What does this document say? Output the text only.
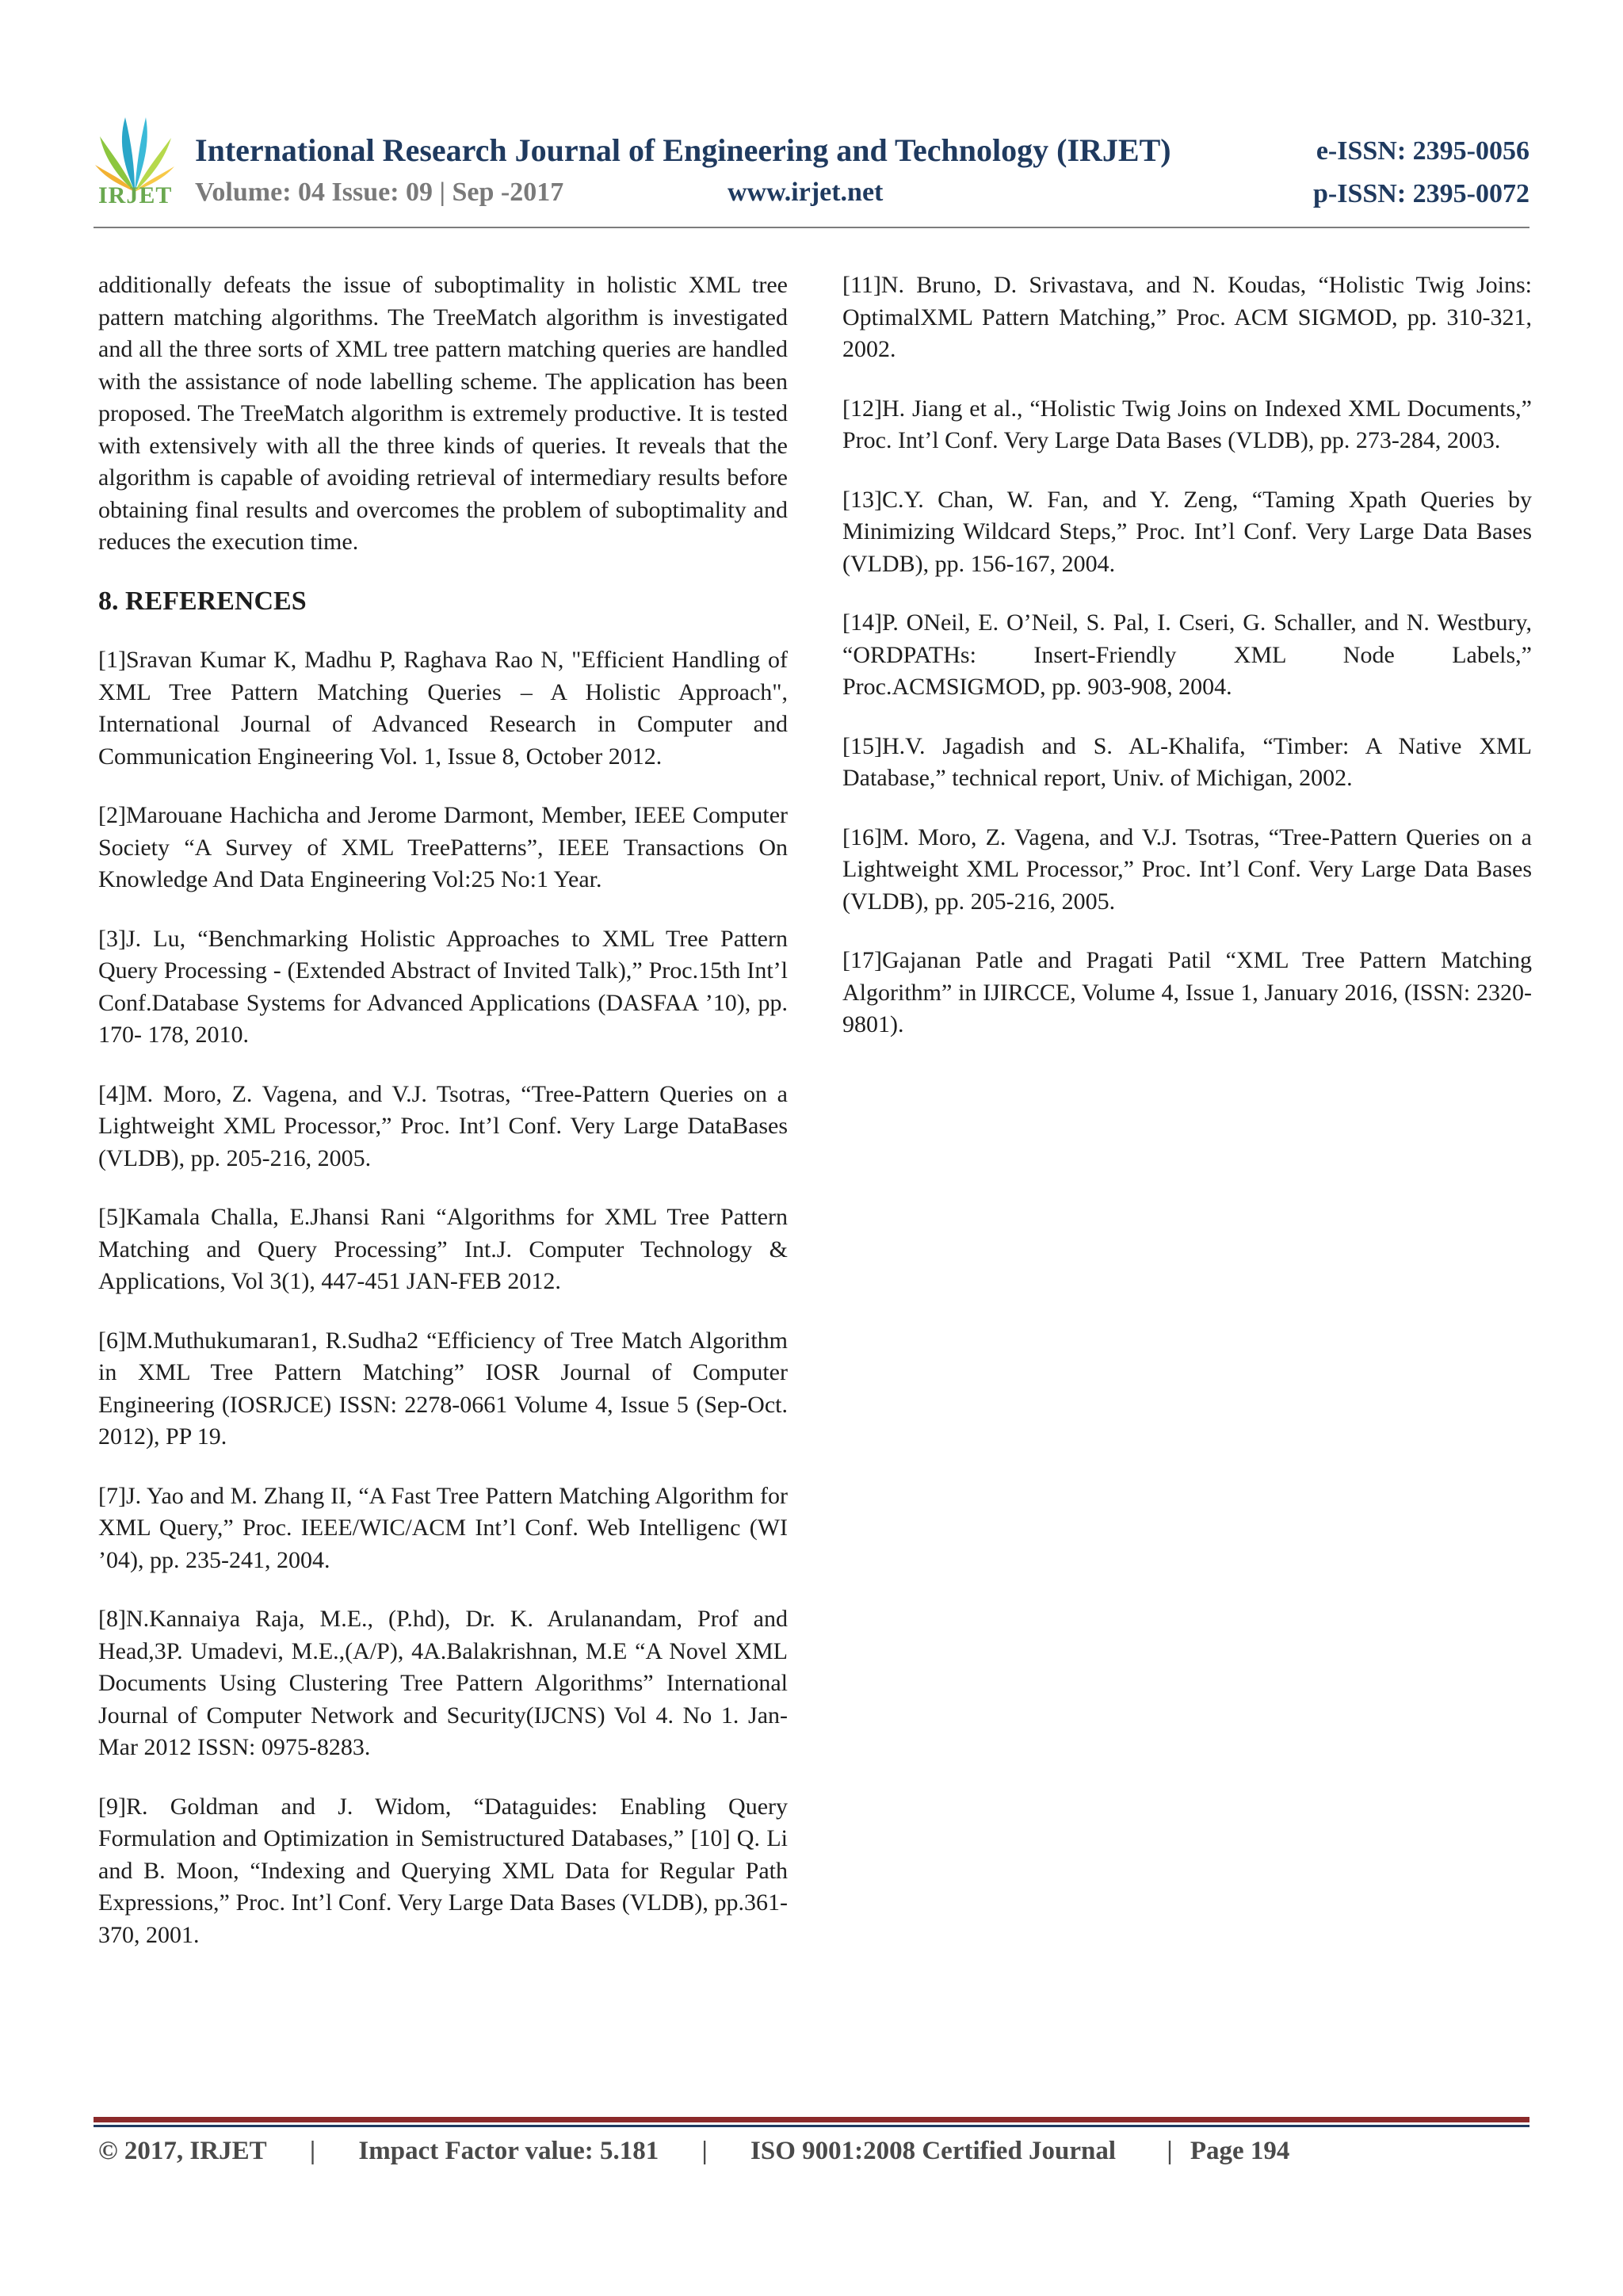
IRJET
International Research Journal of Engineering and Technology (IRJET)	e-ISSN: 2395-0056
Volume: 04 Issue: 09 | Sep -2017	www.irjet.net	p-ISSN: 2395-0072

additionally defeats the issue of suboptimality in holistic XML tree pattern matching algorithms. The TreeMatch algorithm is investigated and all the three sorts of XML tree pattern matching queries are handled with the assistance of node labelling scheme. The application has been proposed. The TreeMatch algorithm is extremely productive. It is tested with extensively with all the three kinds of queries. It reveals that the algorithm is capable of avoiding retrieval of intermediary results before obtaining final results and overcomes the problem of suboptimality and reduces the execution time.

8. REFERENCES

[1]Sravan Kumar K, Madhu P, Raghava Rao N, "Efficient Handling of XML Tree Pattern Matching Queries – A Holistic Approach", International Journal of Advanced Research in Computer and Communication Engineering Vol. 1, Issue 8, October 2012.

[2]Marouane Hachicha and Jerome Darmont, Member, IEEE Computer Society “A Survey of XML TreePatterns”, IEEE Transactions On Knowledge And Data Engineering Vol:25 No:1 Year.

[3]J. Lu, “Benchmarking Holistic Approaches to XML Tree Pattern Query Processing - (Extended Abstract of Invited Talk),” Proc.15th Int’l Conf.Database Systems for Advanced Applications (DASFAA ’10), pp. 170- 178, 2010.

[4]M. Moro, Z. Vagena, and V.J. Tsotras, “Tree-Pattern Queries on a Lightweight XML Processor,” Proc. Int’l Conf. Very Large DataBases (VLDB), pp. 205-216, 2005.

[5]Kamala Challa, E.Jhansi Rani “Algorithms for XML Tree Pattern Matching and Query Processing” Int.J. Computer Technology & Applications, Vol 3(1), 447-451 JAN-FEB 2012.

[6]M.Muthukumaran1, R.Sudha2 “Efficiency of Tree Match Algorithm in XML Tree Pattern Matching” IOSR Journal of Computer Engineering (IOSRJCE) ISSN: 2278-0661 Volume 4, Issue 5 (Sep-Oct. 2012), PP 19.

[7]J. Yao and M. Zhang II, “A Fast Tree Pattern Matching Algorithm for XML Query,” Proc. IEEE/WIC/ACM Int’l Conf. Web Intelligenc (WI ’04), pp. 235-241, 2004.

[8]N.Kannaiya Raja, M.E., (P.hd), Dr. K. Arulanandam, Prof and Head,3P. Umadevi, M.E.,(A/P), 4A.Balakrishnan, M.E “A Novel XML Documents Using Clustering Tree Pattern Algorithms” International Journal of Computer Network and Security(IJCNS) Vol 4. No 1. Jan- Mar 2012 ISSN: 0975-8283.

[9]R. Goldman and J. Widom, “Dataguides: Enabling Query Formulation and Optimization in Semistructured Databases,” [10] Q. Li and B. Moon, “Indexing and Querying XML Data for Regular Path Expressions,” Proc. Int’l Conf. Very Large Data Bases (VLDB), pp.361-370, 2001.

[11]N. Bruno, D. Srivastava, and N. Koudas, “Holistic Twig Joins: OptimalXML Pattern Matching,” Proc. ACM SIGMOD, pp. 310-321, 2002.

[12]H. Jiang et al., “Holistic Twig Joins on Indexed XML Documents,” Proc. Int’l Conf. Very Large Data Bases (VLDB), pp. 273-284, 2003.

[13]C.Y. Chan, W. Fan, and Y. Zeng, “Taming Xpath Queries by Minimizing Wildcard Steps,” Proc. Int’l Conf. Very Large Data Bases (VLDB), pp. 156-167, 2004.

[14]P. ONeil, E. O’Neil, S. Pal, I. Cseri, G. Schaller, and N. Westbury, “ORDPATHs: Insert-Friendly XML Node Labels,” Proc.ACMSIGMOD, pp. 903-908, 2004.

[15]H.V. Jagadish and S. AL-Khalifa, “Timber: A Native XML Database,” technical report, Univ. of Michigan, 2002.

[16]M. Moro, Z. Vagena, and V.J. Tsotras, “Tree-Pattern Queries on a Lightweight XML Processor,” Proc. Int’l Conf. Very Large Data Bases (VLDB), pp. 205-216, 2005.

[17]Gajanan Patle and Pragati Patil “XML Tree Pattern Matching Algorithm” in IJIRCCE, Volume 4, Issue 1, January 2016, (ISSN: 2320-9801).

© 2017, IRJET | Impact Factor value: 5.181 | ISO 9001:2008 Certified Journal | Page 194
